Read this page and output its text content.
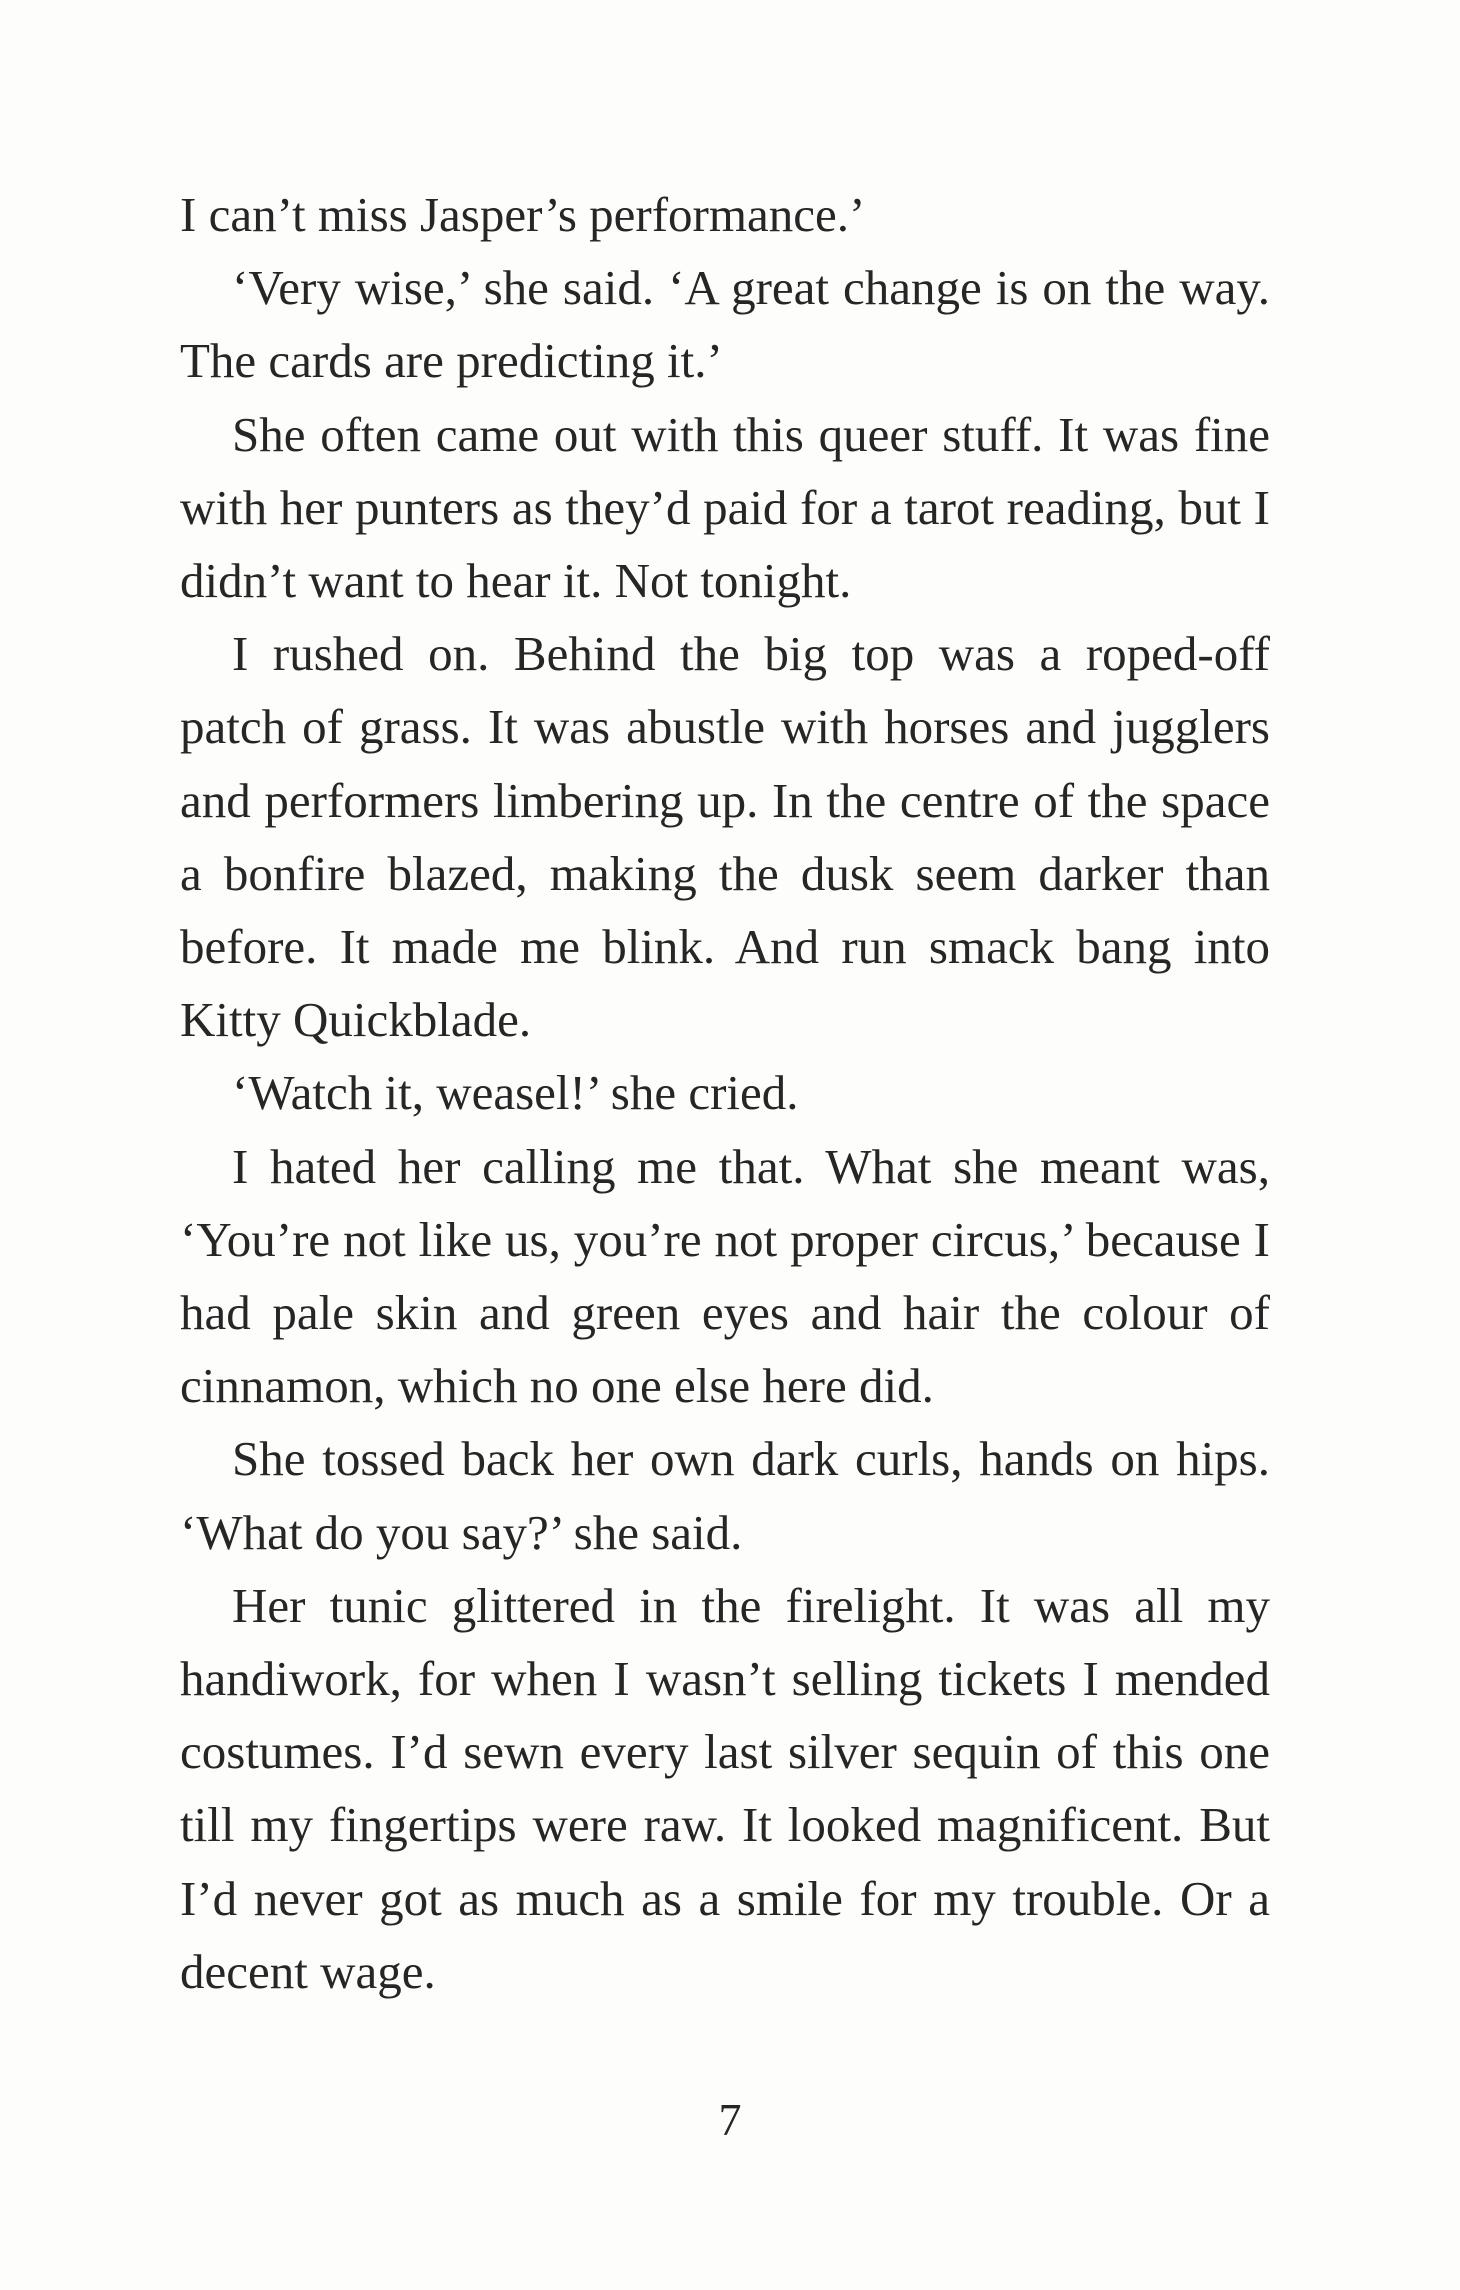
I can’t miss Jasper’s performance.’

‘Very wise,’ she said. ‘A great change is on the way. The cards are predicting it.’

She often came out with this queer stuff. It was fine with her punters as they’d paid for a tarot reading, but I didn’t want to hear it. Not tonight.

I rushed on. Behind the big top was a roped-off patch of grass. It was abustle with horses and jugglers and performers limbering up. In the centre of the space a bonfire blazed, making the dusk seem darker than before. It made me blink. And run smack bang into Kitty Quickblade.

‘Watch it, weasel!’ she cried.

I hated her calling me that. What she meant was, ‘You’re not like us, you’re not proper circus,’ because I had pale skin and green eyes and hair the colour of cinnamon, which no one else here did.

She tossed back her own dark curls, hands on hips. ‘What do you say?’ she said.

Her tunic glittered in the firelight. It was all my handiwork, for when I wasn’t selling tickets I mended costumes. I’d sewn every last silver sequin of this one till my fingertips were raw. It looked magnificent. But I’d never got as much as a smile for my trouble. Or a decent wage.

7
